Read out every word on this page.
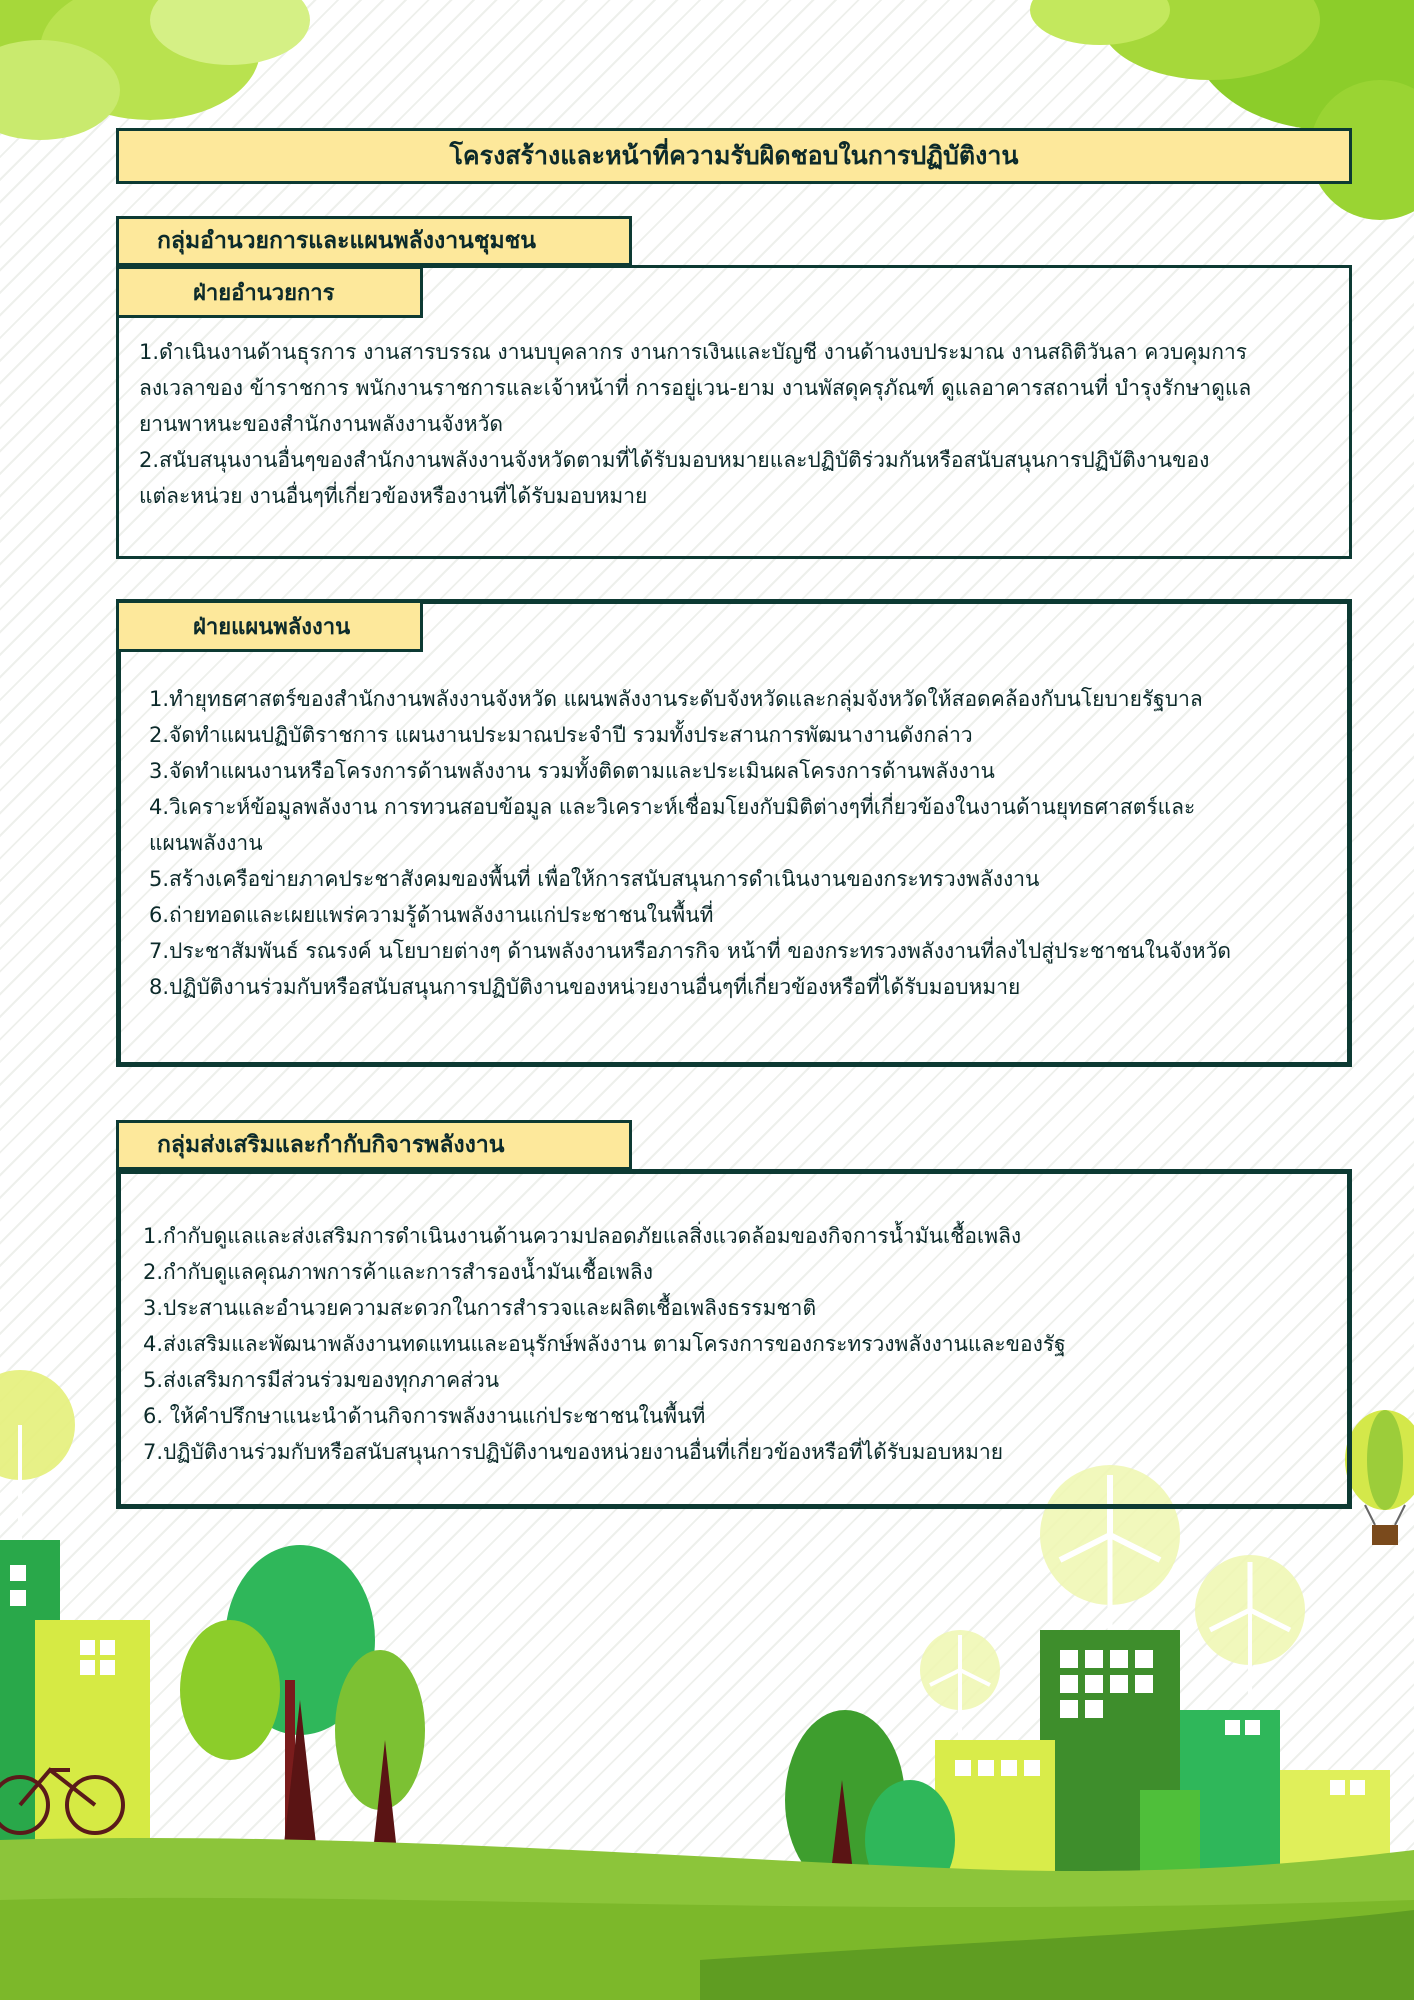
โครงสร้างและหน้าที่ความรับผิดชอบในการปฏิบัติงาน
กลุ่มอำนวยการและแผนพลังงานชุมชน
1.ดำเนินงานด้านธุรการ งานสารบรรณ งานบบุคลากร งานการเงินและบัญชี งานด้านงบประมาณ งานสถิติวันลา ควบคุมการ
ลงเวลาของ ข้าราชการ พนักงานราชการและเจ้าหน้าที่ การอยู่เวน-ยาม งานพัสดุครุภัณฑ์ ดูแลอาคารสถานที่ บำรุงรักษาดูแล
ยานพาหนะของสำนักงานพลังงานจังหวัด
2.สนับสนุนงานอื่นๆของสำนักงานพลังงานจังหวัดตามที่ได้รับมอบหมายและปฏิบัติร่วมกันหรือสนับสนุนการปฏิบัติงานของ
แต่ละหน่วย งานอื่นๆที่เกี่ยวข้องหรืองานที่ได้รับมอบหมาย
ฝ่ายอำนวยการ
1.ทำยุทธศาสตร์ของสำนักงานพลังงานจังหวัด แผนพลังงานระดับจังหวัดและกลุ่มจังหวัดให้สอดคล้องกับนโยบายรัฐบาล
2.จัดทำแผนปฏิบัติราชการ แผนงานประมาณประจำปี รวมทั้งประสานการพัฒนางานดังกล่าว
3.จัดทำแผนงานหรือโครงการด้านพลังงาน รวมทั้งติดตามและประเมินผลโครงการด้านพลังงาน
4.วิเคราะห์ข้อมูลพลังงาน การทวนสอบข้อมูล และวิเคราะห์เชื่อมโยงกับมิติต่างๆที่เกี่ยวข้องในงานด้านยุทธศาสตร์และ
แผนพลังงาน
5.สร้างเครือข่ายภาคประชาสังคมของพื้นที่ เพื่อให้การสนับสนุนการดำเนินงานของกระทรวงพลังงาน
6.ถ่ายทอดและเผยแพร่ความรู้ด้านพลังงานแก่ประชาชนในพื้นที่
7.ประชาสัมพันธ์ รณรงค์ นโยบายต่างๆ ด้านพลังงานหรือภารกิจ หน้าที่ ของกระทรวงพลังงานที่ลงไปสู่ประชาชนในจังหวัด
8.ปฏิบัติงานร่วมกับหรือสนับสนุนการปฏิบัติงานของหน่วยงานอื่นๆที่เกี่ยวข้องหรือที่ได้รับมอบหมาย
ฝ่ายแผนพลังงาน
1.กำกับดูแลและส่งเสริมการดำเนินงานด้านความปลอดภัยแลสิ่งแวดล้อมของกิจการน้ำมันเชื้อเพลิง
2.กำกับดูแลคุณภาพการค้าและการสำรองน้ำมันเชื้อเพลิง
3.ประสานและอำนวยความสะดวกในการสำรวจและผลิตเชื้อเพลิงธรรมชาติ
4.ส่งเสริมและพัฒนาพลังงานทดแทนและอนุรักษ์พลังงาน ตามโครงการของกระทรวงพลังงานและของรัฐ
5.ส่งเสริมการมีส่วนร่วมของทุกภาคส่วน
6. ให้คำปรึกษาแนะนำด้านกิจการพลังงานแก่ประชาชนในพื้นที่
7.ปฏิบัติงานร่วมกับหรือสนับสนุนการปฏิบัติงานของหน่วยงานอื่นที่เกี่ยวข้องหรือที่ได้รับมอบหมาย
กลุ่มส่งเสริมและกำกับกิจารพลังงาน
